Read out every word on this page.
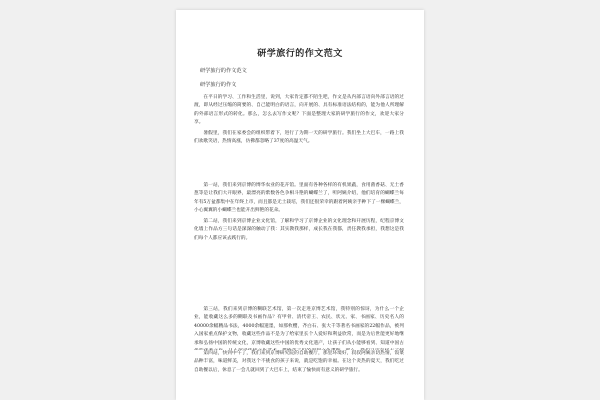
研学旅行的作文范文
研学旅行的作文范文
研学旅行的作文

在平日的学习、工作和生活里，说到，大家肯定都不陌生吧，作文是从内部言语向外部言语的过渡，即从经过压缩的简要的、自己能明白的语言，向开展的、具有标准语法结构的，能为他人所理解的外部语言形式的转化。那么，怎么去写作文呢？下面是整理大家的研学旅行的作文，欢迎大家分享。

暑假里，我们在家委会的组织带着下，进行了为期一天的研学旅行。我们坐上大巴车，一路上我们欢歌笑语，热情高涨，仿佛都忽略了37度的高温天气。

第一站，我们来到京博的博华农业的花卉馆。里面有各种各样的有机果蔬，食用菌香菇、无土香葱等是让我们大开眼界，最漂亮的紫数各色争相斗艳的蝴蝶兰了，听阿姨介绍，他们培育的蝴蝶兰每年有5万盆都集中在年终上市，而且都是无土栽培，我们还很荣幸的跟着阿姨亲手种下了一棵蝴蝶兰，小心翼翼的小蝴蝶兰也能开出鲜艳的花朵。

第二站，我们来到京博企业文化馆，了解和学习了京博企业的文化理念和开展历程，纪程京博文化墙上作品方三句话是深深的触动了我：其实教我那样，成长我在我都，责任教我承担，我想这是我们每个人都应该去践行的。

第三站，我们来到京博的糊联艺术馆，第一次走进京博艺术馆，我特别的惊讶，为什么一个企业，能收藏这么多的糊联及书画作品？有甲骨、清代帝王、农民、状元、家、书画家、历史名人的40000余幅精品书法，4000余幅遗墨，如那枚樱，齐白石、张大千等著名书画家的22幅作品，被列入国家重点保护文物，收藏这些作品不是为了给家里长个人爱好和利益欣常，而是为后世能更好地继承和弘扬中国的传统文化，京博收藏这些中国的优秀文化遗产，让孩子们从小能够看到、知道中国古

第四站，快到中午了，我们来到京博研究院的自助餐厅，那里环境好，叔叔阿姨亲切热情，饭菜品种丰富，味道鲜美，对我这个不挑食的孩子来说，就是吃饱的幸福。在这个炎热的夏天，我们吃过自助餐以后，休息了一会儿就回到了大巴车上，结束了愉快而有意义的研学旅行。
